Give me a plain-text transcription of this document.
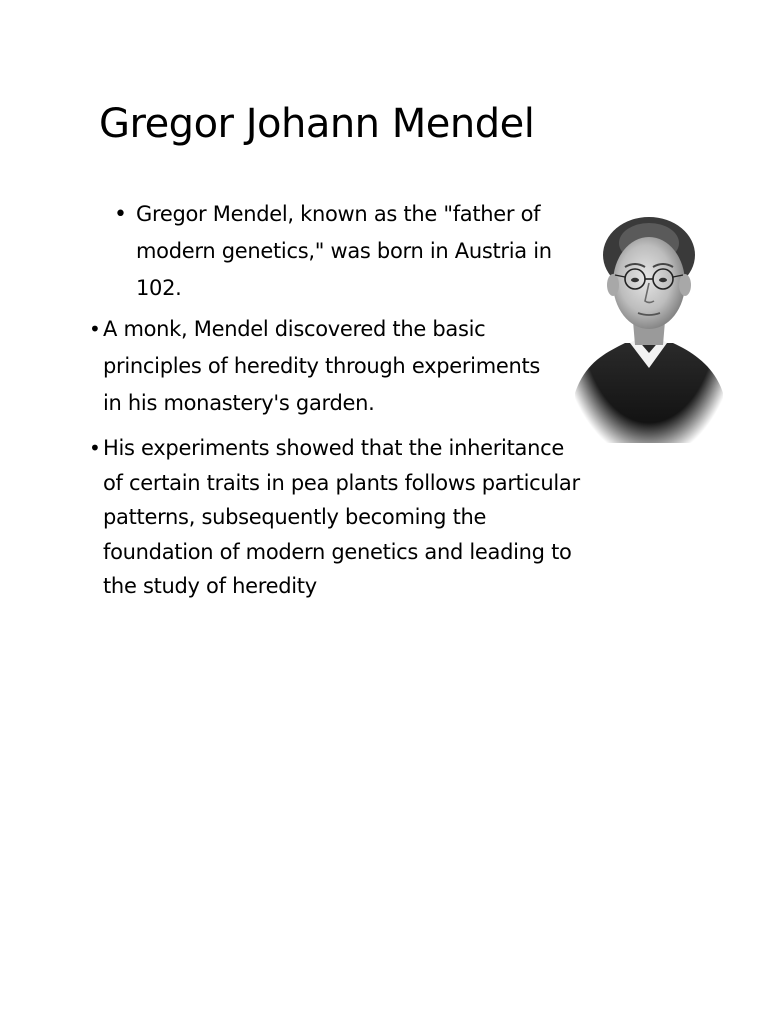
Gregor Johann Mendel
• Gregor Mendel, known as the "father of modern genetics," was born in Austria in 102.
• A monk, Mendel discovered the basic principles of heredity through experiments in his monastery's garden.
• His experiments showed that the inheritance of certain traits in pea plants follows particular patterns, subsequently becoming the foundation of modern genetics and leading to the study of heredity
